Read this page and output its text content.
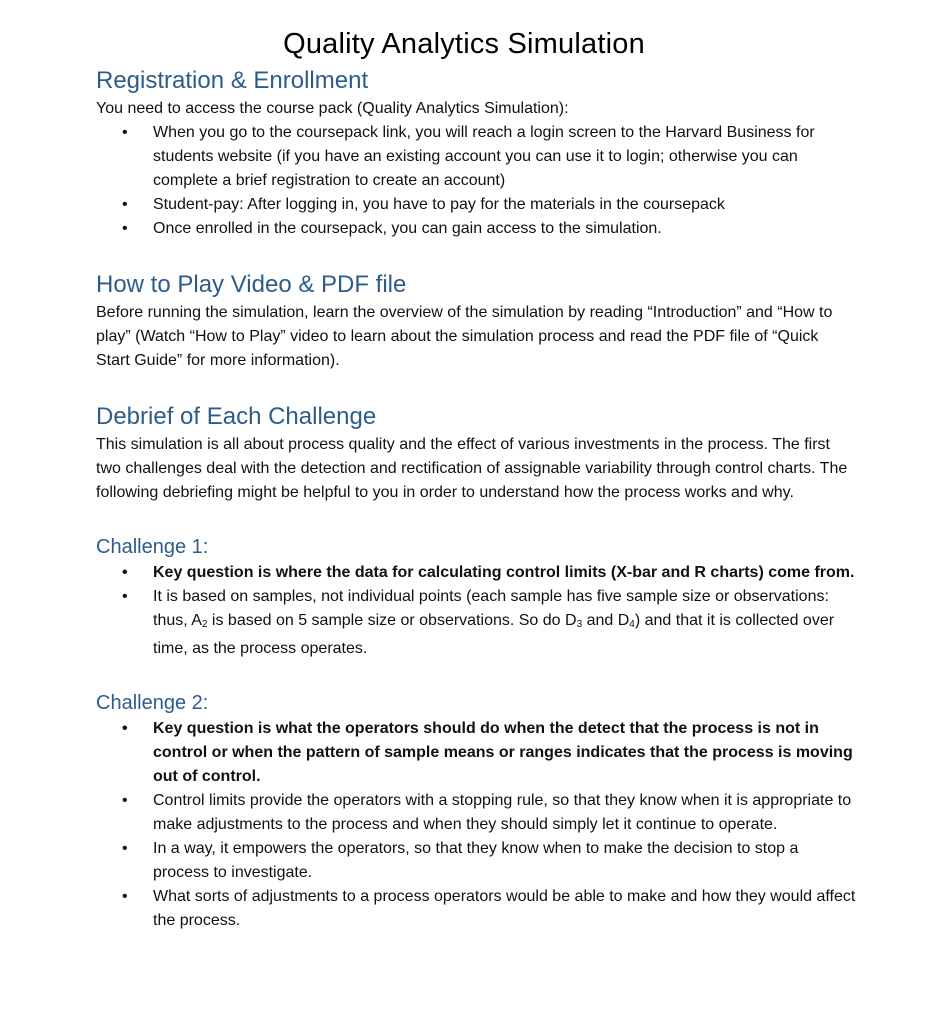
Quality Analytics Simulation
Registration & Enrollment

You need to access the course pack (Quality Analytics Simulation):

• When you go to the coursepack link, you will reach a login screen to the Harvard Business for students website (if you have an existing account you can use it to login; otherwise you can complete a brief registration to create an account)
• Student-pay: After logging in, you have to pay for the materials in the coursepack
• Once enrolled in the coursepack, you can gain access to the simulation.
How to Play Video & PDF file

Before running the simulation, learn the overview of the simulation by reading “Introduction” and “How to play” (Watch “How to Play” video to learn about the simulation process and read the PDF file of “Quick Start Guide” for more information).

Debrief of Each Challenge

This simulation is all about process quality and the effect of various investments in the process. The first two challenges deal with the detection and rectification of assignable variability through control charts. The following debriefing might be helpful to you in order to understand how the process works and why.

Challenge 1:
• Key question is where the data for calculating control limits (X-bar and R charts) come from.
• It is based on samples, not individual points (each sample has five sample size or observations: thus, $A_2$ is based on 5 sample size or observations. So do $D_3$ and $D_4$) and that it is collected over time, as the process operates.
Challenge 2:
• Key question is what the operators should do when the detect that the process is not in control or when the pattern of sample means or ranges indicates that the process is moving out of control.
• Control limits provide the operators with a stopping rule, so that they know when it is appropriate to make adjustments to the process and when they should simply let it continue to operate.
• In a way, it empowers the operators, so that they know when to make the decision to stop a process to investigate.
• What sorts of adjustments to a process operators would be able to make and how they would affect the process.
